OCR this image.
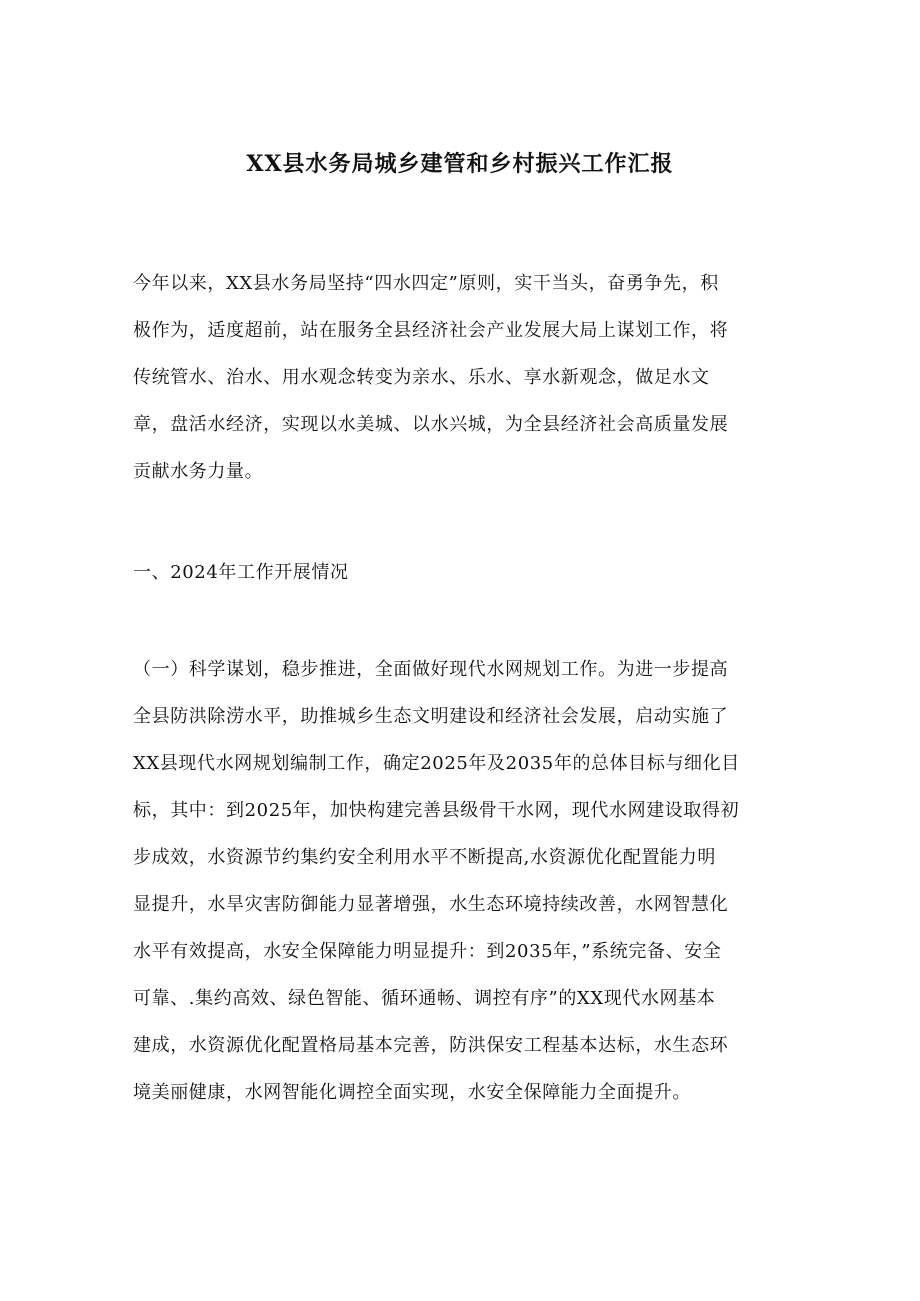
XX县水务局城乡建管和乡村振兴工作汇报
今年以来，XX县水务局坚持“四水四定”原则，实干当头，奋勇争先，积
极作为，适度超前，站在服务全县经济社会产业发展大局上谋划工作，将
传统管水、治水、用水观念转变为亲水、乐水、享水新观念，做足水文
章，盘活水经济，实现以水美城、以水兴城，为全县经济社会高质量发展
贡献水务力量。
一、2024年工作开展情况
（一）科学谋划，稳步推进，全面做好现代水网规划工作。为进一步提高
全县防洪除涝水平，助推城乡生态文明建设和经济社会发展，启动实施了
XX县现代水网规划编制工作，确定2025年及2035年的总体目标与细化目
标，其中：到2025年，加快构建完善县级骨干水网，现代水网建设取得初
步成效，水资源节约集约安全利用水平不断提高,水资源优化配置能力明
显提升，水旱灾害防御能力显著增强，水生态环境持续改善，水网智慧化
水平有效提高，水安全保障能力明显提升：到2035年，”系统完备、安全
可靠、.集约高效、绿色智能、循环通畅、调控有序”的XX现代水网基本
建成，水资源优化配置格局基本完善，防洪保安工程基本达标，水生态环
境美丽健康，水网智能化调控全面实现，水安全保障能力全面提升。
